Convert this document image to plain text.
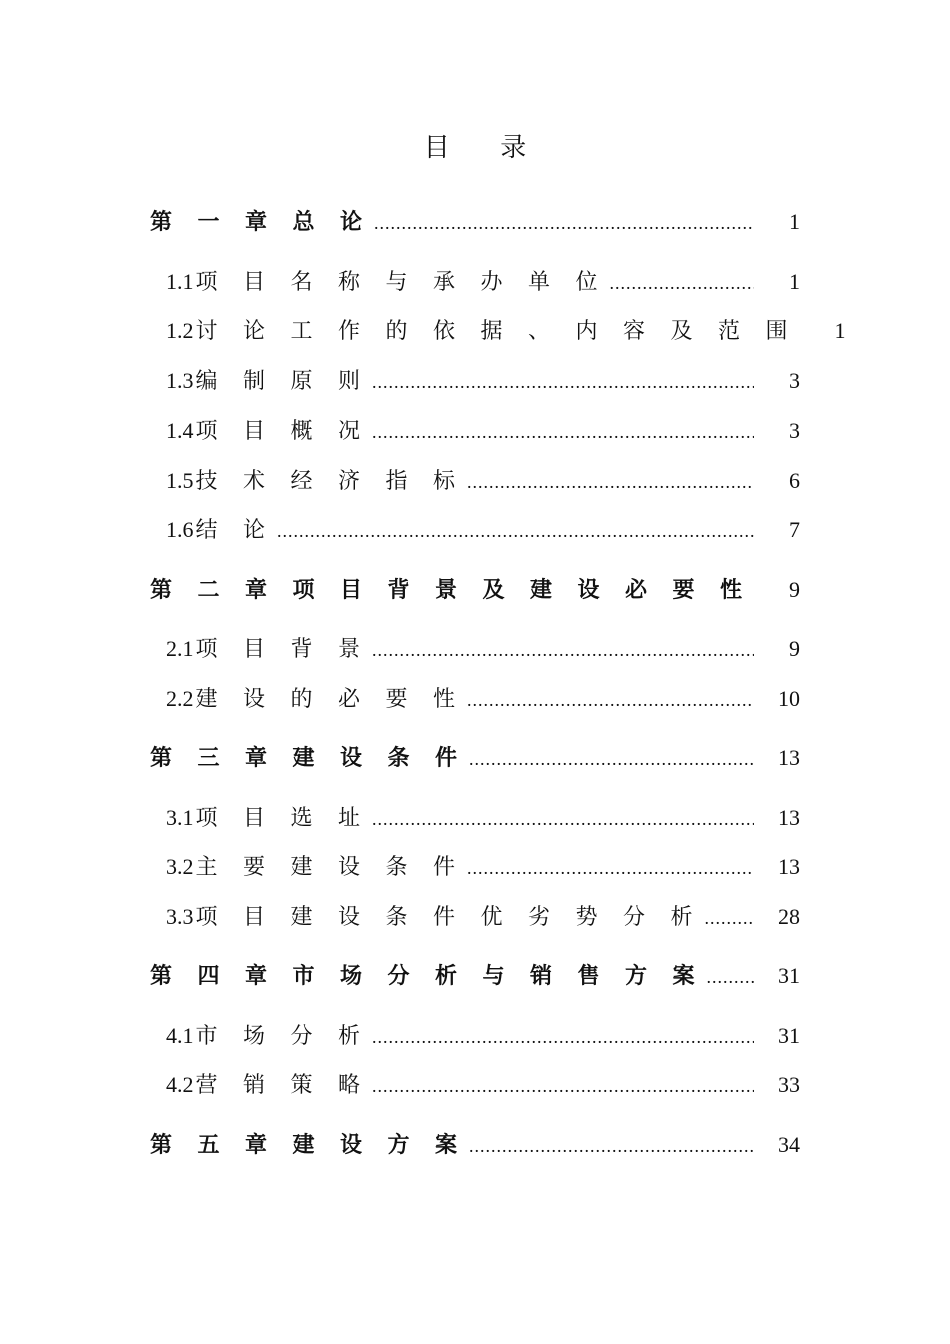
目 录
第 一 章 总 论 .....	1
1.1项 目 名 称 与 承 办 单 位 .....	1
1.2讨 论 工 作 的 依 据 、 内 容 及 范 围	1
1.3编 制 原 则 .....	3
1.4项 目 概 况 .....	3
1.5技 术 经 济 指 标 .....	6
1.6结 论 .....	7
第 二 章 项 目 背 景 及 建 设 必 要 性	9
2.1项 目 背 景 .....	9
2.2建 设 的 必 要 性 .....	10
第 三 章 建 设 条 件 .....	13
3.1项 目 选 址 .....	13
3.2主 要 建 设 条 件 .....	13
3.3项 目 建 设 条 件 优 劣 势 分 析 .....	28
第 四 章 市 场 分 析 与 销 售 方 案 .....	31
4.1市 场 分 析 .....	31
4.2营 销 策 略 .....	33
第 五 章 建 设 方 案 .....	34
